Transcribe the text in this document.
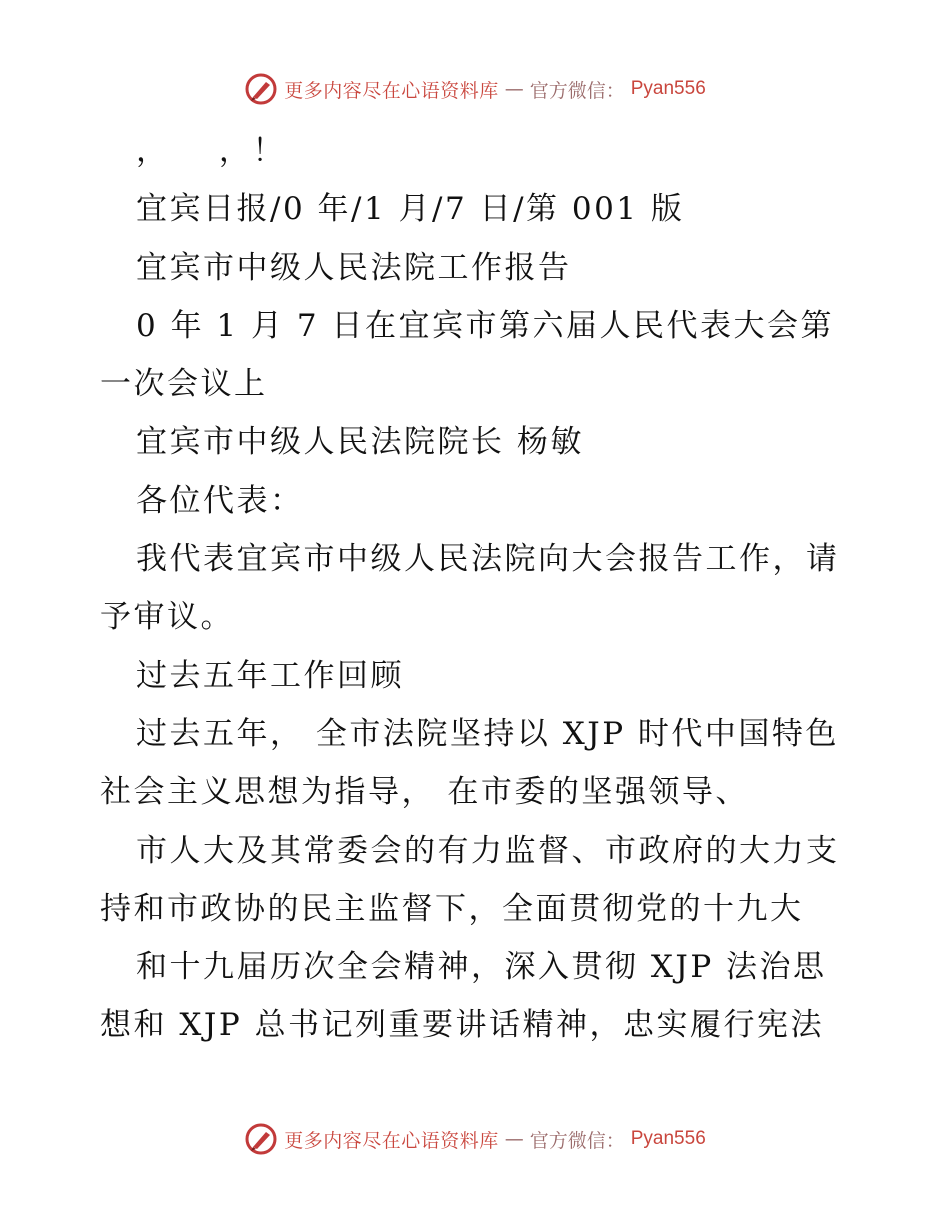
更多内容尽在心语资料库 — 官方微信： Pyan556
，    ，！
宜宾日报/0 年/1 月/7 日/第 001 版
宜宾市中级人民法院工作报告
0 年 1 月 7 日在宜宾市第六届人民代表大会第
一次会议上
宜宾市中级人民法院院长 杨敏
各位代表：
我代表宜宾市中级人民法院向大会报告工作，请
予审议。
过去五年工作回顾
过去五年， 全市法院坚持以 XJP 时代中国特色
社会主义思想为指导， 在市委的坚强领导、
市人大及其常委会的有力监督、市政府的大力支
持和市政协的民主监督下，全面贯彻党的十九大
和十九届历次全会精神，深入贯彻 XJP 法治思
想和 XJP 总书记列重要讲话精神，忠实履行宪法
更多内容尽在心语资料库 — 官方微信： Pyan556
